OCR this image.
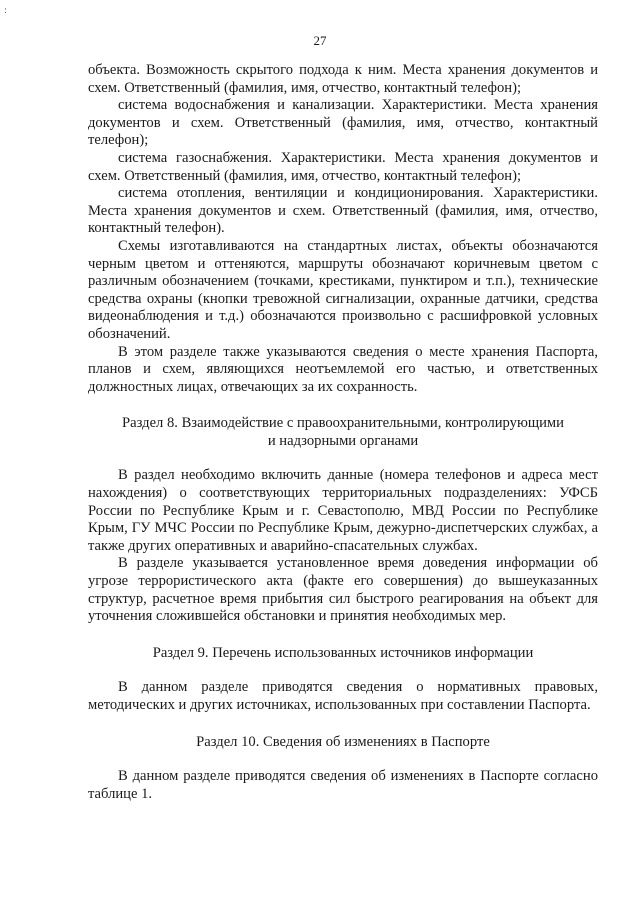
:
27

объекта. Возможность скрытого подхода к ним. Места хранения документов и схем. Ответственный (фамилия, имя, отчество, контактный телефон);

система водоснабжения и канализации. Характеристики. Места хранения документов и схем. Ответственный (фамилия, имя, отчество, контактный телефон);

система газоснабжения. Характеристики. Места хранения документов и схем. Ответственный (фамилия, имя, отчество, контактный телефон);

система отопления, вентиляции и кондиционирования. Характеристики. Места хранения документов и схем. Ответственный (фамилия, имя, отчество, контактный телефон).

Схемы изготавливаются на стандартных листах, объекты обозначаются черным цветом и оттеняются, маршруты обозначают коричневым цветом с различным обозначением (точками, крестиками, пунктиром и т.п.), технические средства охраны (кнопки тревожной сигнализации, охранные датчики, средства видеонаблюдения и т.д.) обозначаются произвольно с расшифровкой условных обозначений.

В этом разделе также указываются сведения о месте хранения Паспорта, планов и схем, являющихся неотъемлемой его частью, и ответственных должностных лицах, отвечающих за их сохранность.

Раздел 8. Взаимодействие с правоохранительными, контролирующими
и надзорными органами

В раздел необходимо включить данные (номера телефонов и адреса мест нахождения) о соответствующих территориальных подразделениях: УФСБ России по Республике Крым и г. Севастополю, МВД России по Республике Крым, ГУ МЧС России по Республике Крым, дежурно-диспетчерских службах, а также других оперативных и аварийно-спасательных службах.

В разделе указывается установленное время доведения информации об угрозе террористического акта (факте его совершения) до вышеуказанных структур, расчетное время прибытия сил быстрого реагирования на объект для уточнения сложившейся обстановки и принятия необходимых мер.

Раздел 9. Перечень использованных источников информации

В данном разделе приводятся сведения о нормативных правовых, методических и других источниках, использованных при составлении Паспорта.

Раздел 10. Сведения об изменениях в Паспорте

В данном разделе приводятся сведения об изменениях в Паспорте согласно таблице 1.
